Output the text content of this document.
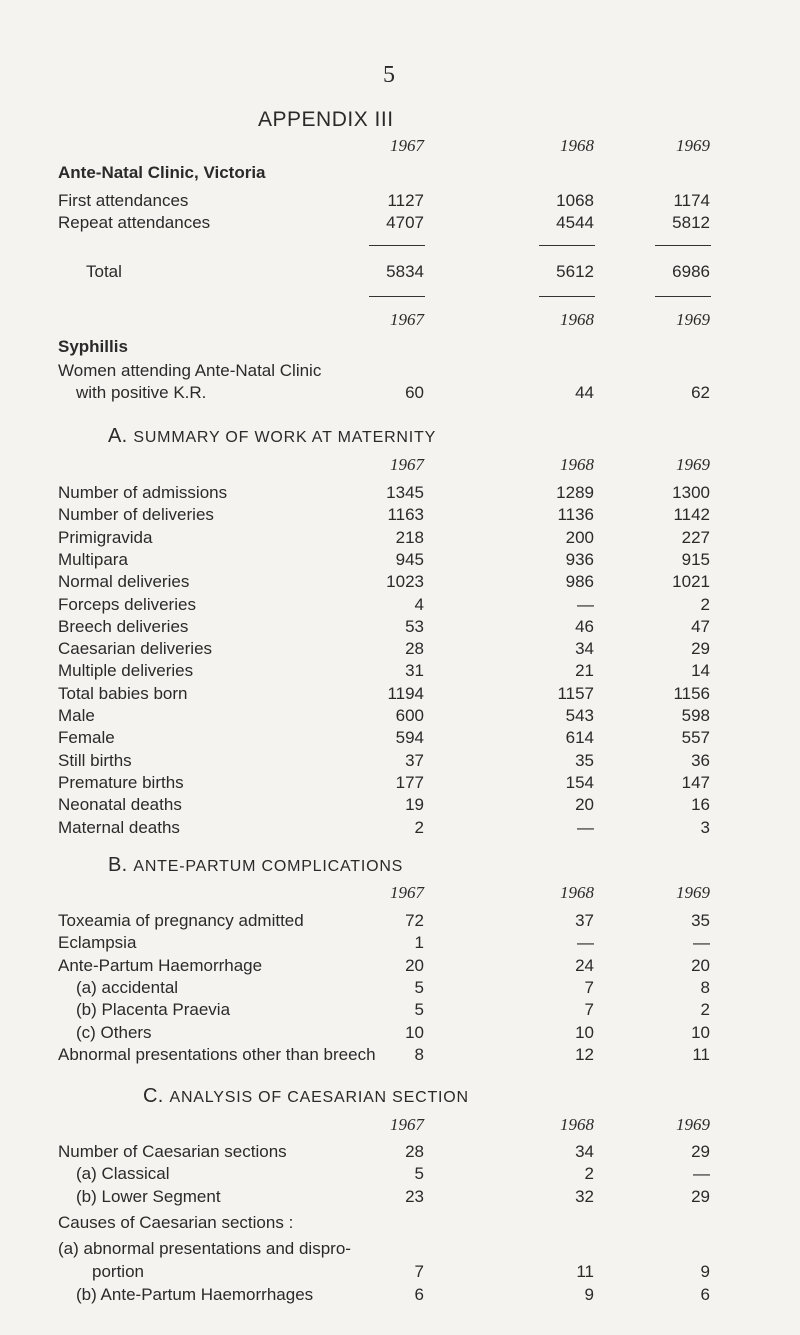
5
APPENDIX III
1967	1968	1969
Ante-Natal Clinic, Victoria
First attendances	1127	1068	1174
Repeat attendances	4707	4544	5812
Total	5834	5612	6986
1967	1968	1969
Syphillis
Women attending Ante-Natal Clinic
with positive K.R.	60	44	62
A. SUMMARY OF WORK AT MATERNITY
1967	1968	1969
Number of admissions	1345	1289	1300
Number of deliveries	1163	1136	1142
Primigravida	218	200	227
Multipara	945	936	915
Normal deliveries	1023	986	1021
Forceps deliveries	4	—	2
Breech deliveries	53	46	47
Caesarian deliveries	28	34	29
Multiple deliveries	31	21	14
Total babies born	1194	1157	1156
Male	600	543	598
Female	594	614	557
Still births	37	35	36
Premature births	177	154	147
Neonatal deaths	19	20	16
Maternal deaths	2	—	3
B. ANTE-PARTUM COMPLICATIONS
1967	1968	1969
Toxeamia of pregnancy admitted	72	37	35
Eclampsia	1	—	—
Ante-Partum Haemorrhage	20	24	20
(a) accidental	5	7	8
(b) Placenta Praevia	5	7	2
(c) Others	10	10	10
Abnormal presentations other than breech	8	12	11
C. ANALYSIS OF CAESARIAN SECTION
1967	1968	1969
Number of Caesarian sections	28	34	29
(a) Classical	5	2	—
(b) Lower Segment	23	32	29
Causes of Caesarian sections :
(a) abnormal presentations and dispro-
portion	7	11	9
(b) Ante-Partum Haemorrhages	6	9	6
